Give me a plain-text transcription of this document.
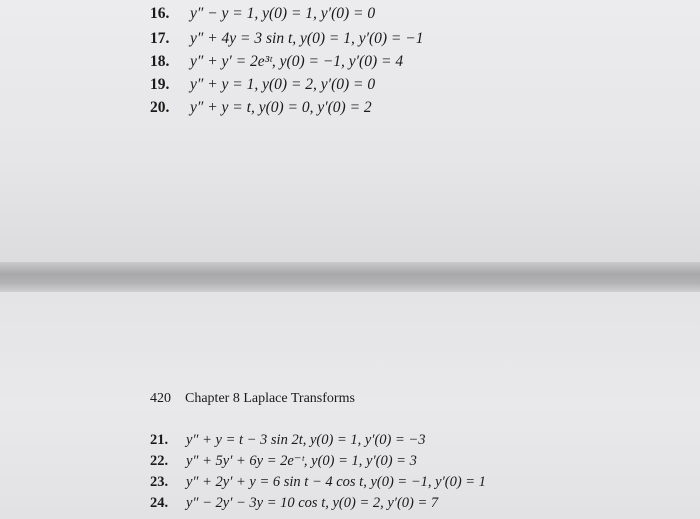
16. y″ − y = 1, y(0) = 1, y′(0) = 0
17. y″ + 4y = 3 sin t, y(0) = 1, y′(0) = −1
18. y″ + y′ = 2e³ᵗ, y(0) = −1, y′(0) = 4
19. y″ + y = 1, y(0) = 2, y′(0) = 0
20. y″ + y = t, y(0) = 0, y′(0) = 2
420 Chapter 8 Laplace Transforms
21. y″ + y = t − 3 sin 2t, y(0) = 1, y′(0) = −3
22. y″ + 5y′ + 6y = 2e⁻ᵗ, y(0) = 1, y′(0) = 3
23. y″ + 2y′ + y = 6 sin t − 4 cos t, y(0) = −1, y′(0) = 1
24. y″ − 2y′ − 3y = 10 cos t, y(0) = 2, y′(0) = 7
